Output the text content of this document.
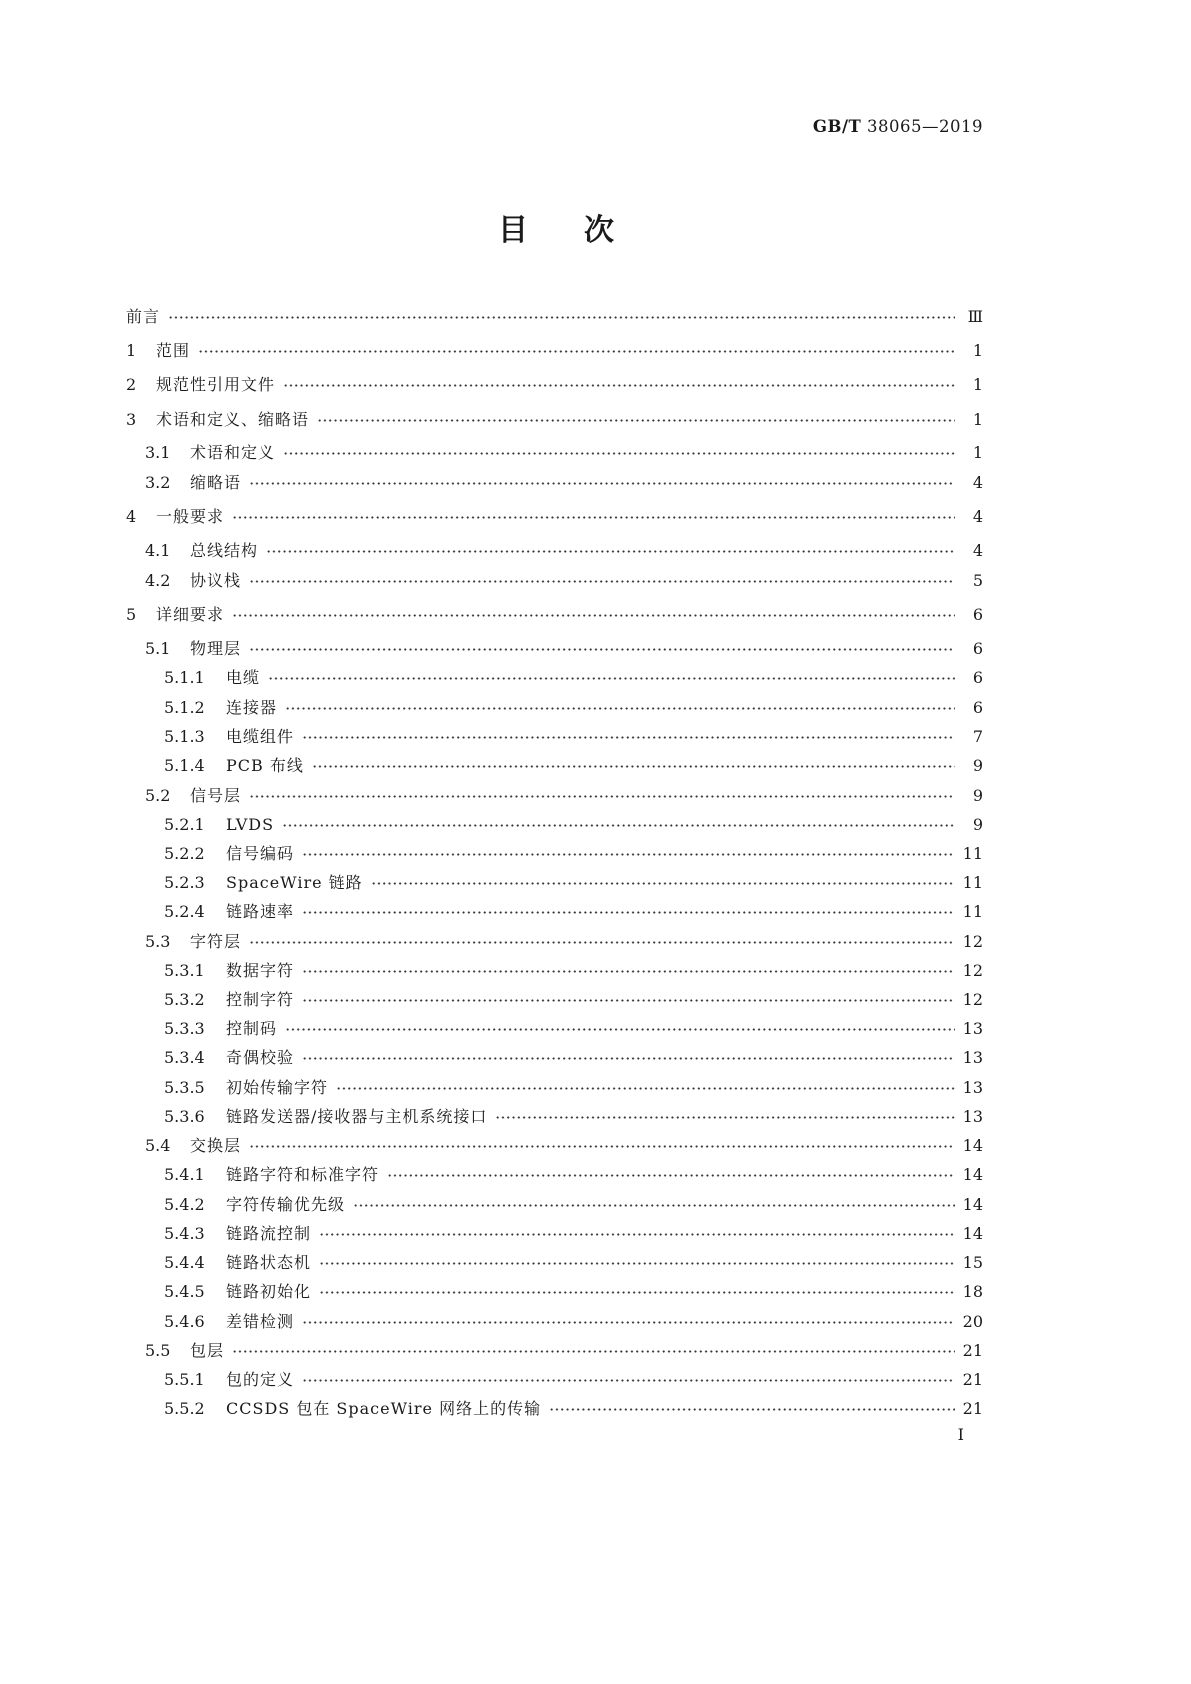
GB/T 38065—2019
目 次
前言	Ⅲ
1 范围	1
2 规范性引用文件	1
3 术语和定义、缩略语	1
3.1 术语和定义	1
3.2 缩略语	4
4 一般要求	4
4.1 总线结构	4
4.2 协议栈	5
5 详细要求	6
5.1 物理层	6
5.1.1 电缆	6
5.1.2 连接器	6
5.1.3 电缆组件	7
5.1.4 PCB 布线	9
5.2 信号层	9
5.2.1 LVDS	9
5.2.2 信号编码	11
5.2.3 SpaceWire 链路	11
5.2.4 链路速率	11
5.3 字符层	12
5.3.1 数据字符	12
5.3.2 控制字符	12
5.3.3 控制码	13
5.3.4 奇偶校验	13
5.3.5 初始传输字符	13
5.3.6 链路发送器/接收器与主机系统接口	13
5.4 交换层	14
5.4.1 链路字符和标准字符	14
5.4.2 字符传输优先级	14
5.4.3 链路流控制	14
5.4.4 链路状态机	15
5.4.5 链路初始化	18
5.4.6 差错检测	20
5.5 包层	21
5.5.1 包的定义	21
5.5.2 CCSDS 包在 SpaceWire 网络上的传输	21
I
